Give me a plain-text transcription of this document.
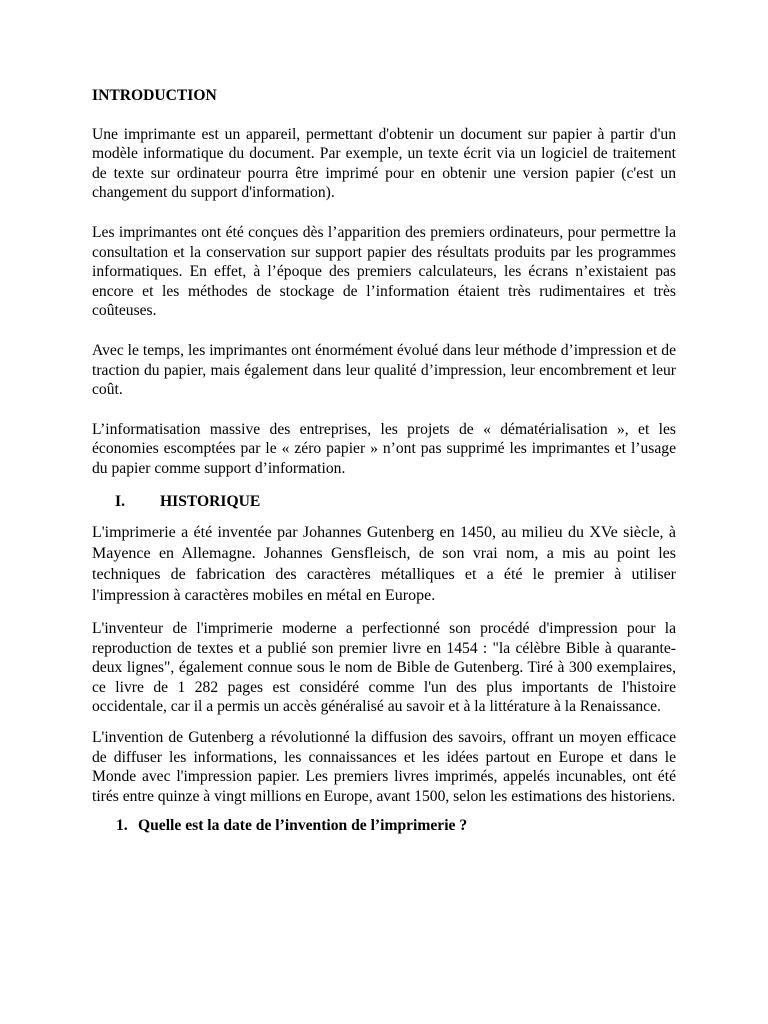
INTRODUCTION

Une imprimante est un appareil, permettant d'obtenir un document sur papier à partir d'un modèle informatique du document. Par exemple, un texte écrit via un logiciel de traitement de texte sur ordinateur pourra être imprimé pour en obtenir une version papier (c'est un changement du support d'information).

Les imprimantes ont été conçues dès l’apparition des premiers ordinateurs, pour permettre la consultation et la conservation sur support papier des résultats produits par les programmes informatiques. En effet, à l’époque des premiers calculateurs, les écrans n’existaient pas encore et les méthodes de stockage de l’information étaient très rudimentaires et très coûteuses.

Avec le temps, les imprimantes ont énormément évolué dans leur méthode d’impression et de traction du papier, mais également dans leur qualité d’impression, leur encombrement et leur coût.

L’informatisation massive des entreprises, les projets de « dématérialisation », et les économies escomptées par le « zéro papier » n’ont pas supprimé les imprimantes et l’usage du papier comme support d’information.

I.	HISTORIQUE

L'imprimerie a été inventée par Johannes Gutenberg en 1450, au milieu du XVe siècle, à Mayence en Allemagne. Johannes Gensfleisch, de son vrai nom, a mis au point les techniques de fabrication des caractères métalliques et a été le premier à utiliser l'impression à caractères mobiles en métal en Europe.

L'inventeur de l'imprimerie moderne a perfectionné son procédé d'impression pour la reproduction de textes et a publié son premier livre en 1454 : "la célèbre Bible à quarante-deux lignes", également connue sous le nom de Bible de Gutenberg. Tiré à 300 exemplaires, ce livre de 1 282 pages est considéré comme l'un des plus importants de l'histoire occidentale, car il a permis un accès généralisé au savoir et à la littérature à la Renaissance.

L'invention de Gutenberg a révolutionné la diffusion des savoirs, offrant un moyen efficace de diffuser les informations, les connaissances et les idées partout en Europe et dans le Monde avec l'impression papier. Les premiers livres imprimés, appelés incunables, ont été tirés entre quinze à vingt millions en Europe, avant 1500, selon les estimations des historiens.

1. Quelle est la date de l’invention de l’imprimerie ?
